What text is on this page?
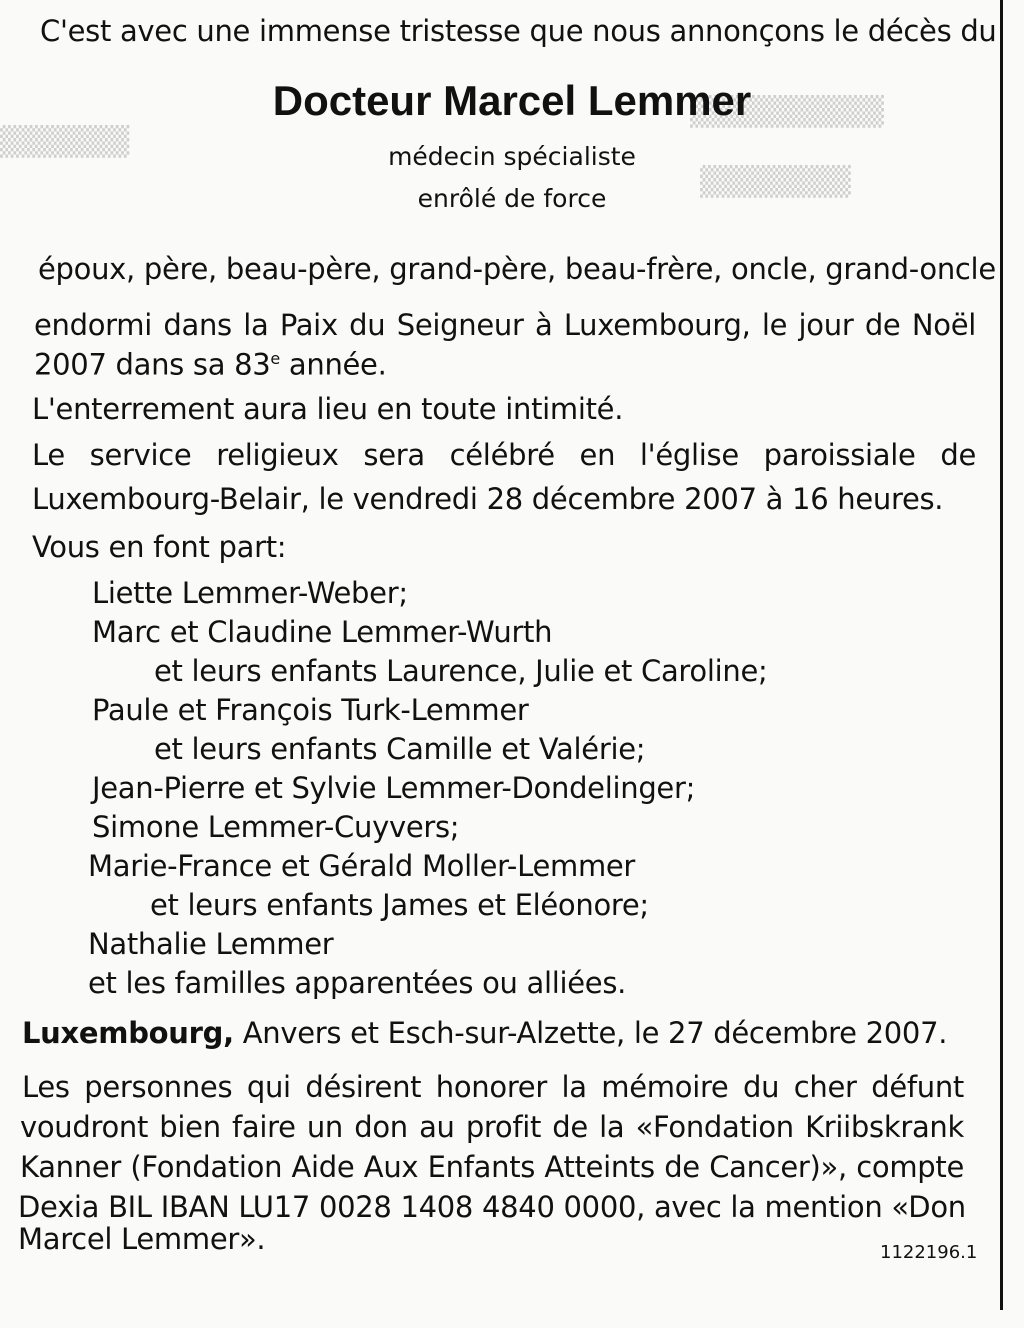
▒▒▒▒▒▒▒▒▒
▒▒▒▒▒▒▒
▒▒▒▒▒▒
C'est avec une immense tristesse que nous annonçons le décès du
Docteur Marcel Lemmer
médecin spécialiste
enrôlé de force
époux, père, beau-père, grand-père, beau-frère, oncle, grand-oncle
endormi dans la Paix du Seigneur à Luxembourg, le jour de Noël
2007 dans sa 83e année.
L'enterrement aura lieu en toute intimité.
Le service religieux sera célébré en l'église paroissiale de
Luxembourg-Belair, le vendredi 28 décembre 2007 à 16 heures.
Vous en font part:
Liette Lemmer-Weber;
Marc et Claudine Lemmer-Wurth
et leurs enfants Laurence, Julie et Caroline;
Paule et François Turk-Lemmer
et leurs enfants Camille et Valérie;
Jean-Pierre et Sylvie Lemmer-Dondelinger;
Simone Lemmer-Cuyvers;
Marie-France et Gérald Moller-Lemmer
et leurs enfants James et Eléonore;
Nathalie Lemmer
et les familles apparentées ou alliées.
Luxembourg, Anvers et Esch-sur-Alzette, le 27 décembre 2007.
Les personnes qui désirent honorer la mémoire du cher défunt
voudront bien faire un don au profit de la «Fondation Kriibskrank
Kanner (Fondation Aide Aux Enfants Atteints de Cancer)», compte
Dexia BIL IBAN LU17 0028 1408 4840 0000, avec la mention «Don
Marcel Lemmer».	1122196.1
